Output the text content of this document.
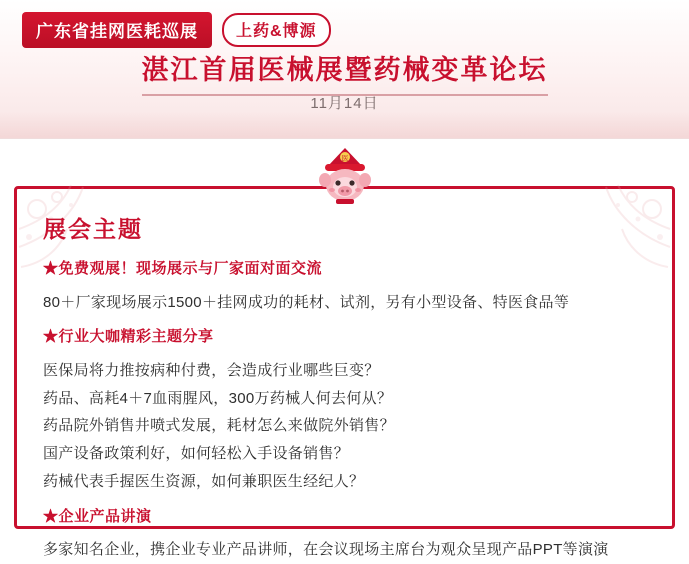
广东省挂网医耗巡展	上药&博源
湛江首届医械展暨药械变革论坛
11月14日
医
展会主题

★免费观展！现场展示与厂家面对面交流

80＋厂家现场展示1500＋挂网成功的耗材、试剂，另有小型设备、特医食品等

★行业大咖精彩主题分享

医保局将力推按病种付费，会造成行业哪些巨变？

药品、高耗4＋7血雨腥风，300万药械人何去何从？

药品院外销售井喷式发展，耗材怎么来做院外销售？

国产设备政策利好，如何轻松入手设备销售？

药械代表手握医生资源，如何兼职医生经纪人？

★企业产品讲演

多家知名企业，携企业专业产品讲师，在会议现场主席台为观众呈现产品PPT等演演
